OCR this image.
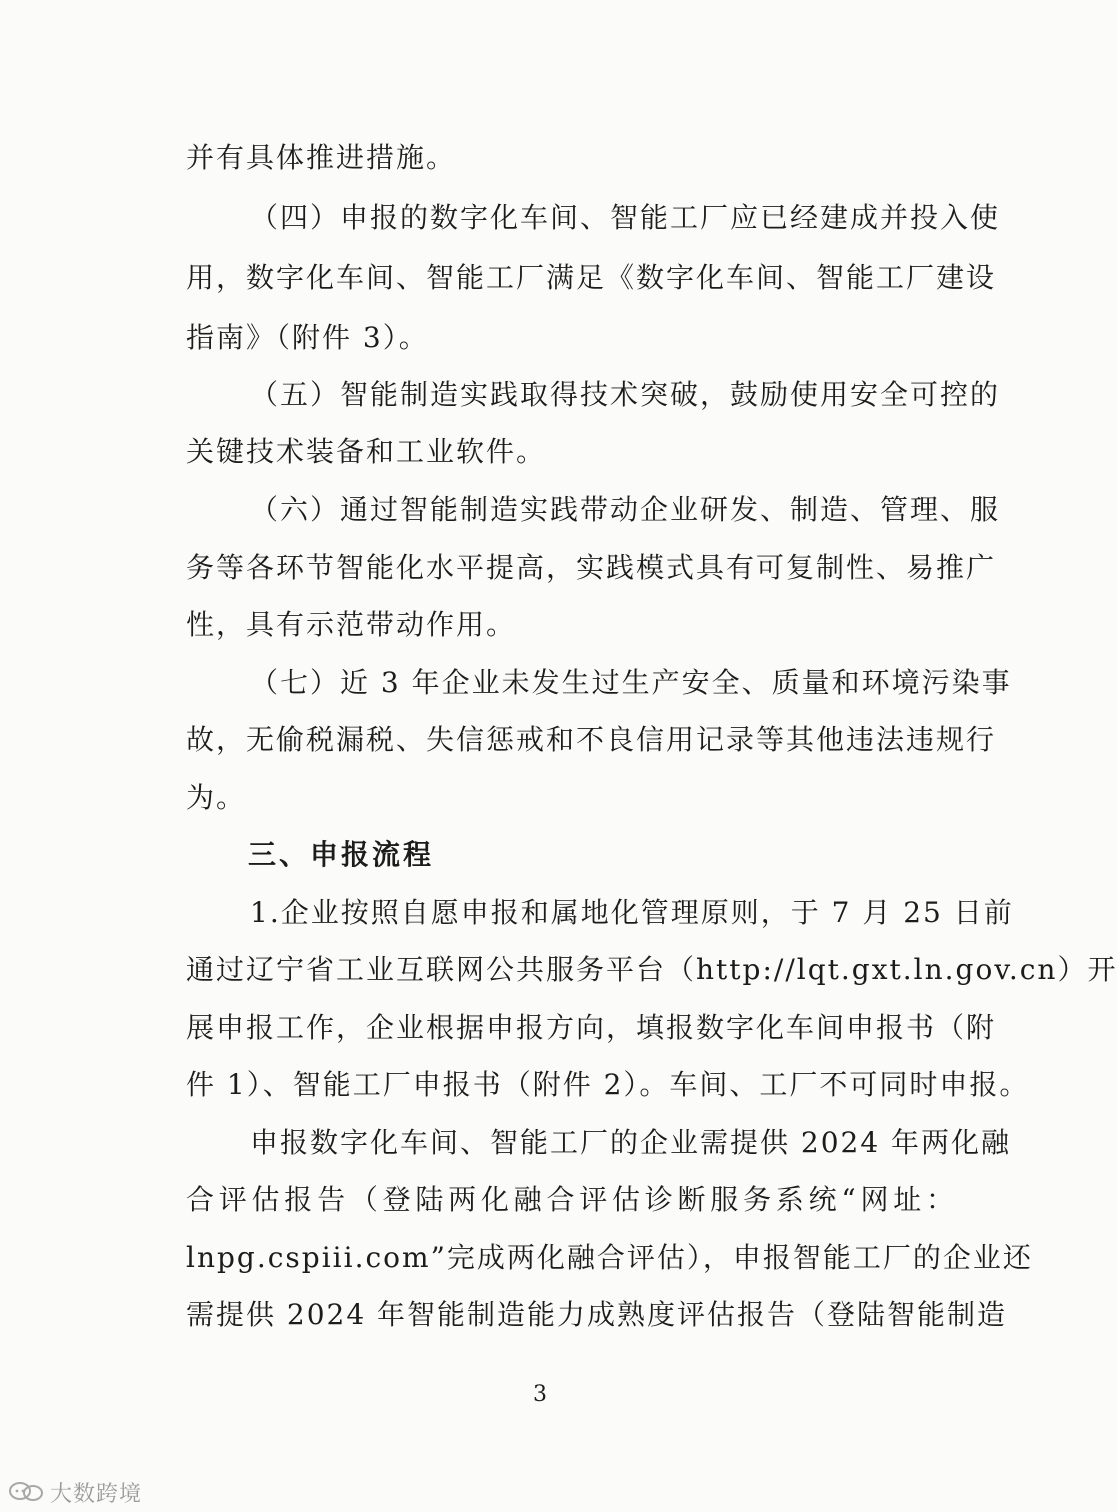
并有具体推进措施。
（四）申报的数字化车间、智能工厂应已经建成并投入使
用，数字化车间、智能工厂满足《数字化车间、智能工厂建设
指南》（附件 3）。
（五）智能制造实践取得技术突破，鼓励使用安全可控的
关键技术装备和工业软件。
（六）通过智能制造实践带动企业研发、制造、管理、服
务等各环节智能化水平提高，实践模式具有可复制性、易推广
性，具有示范带动作用。
（七）近 3 年企业未发生过生产安全、质量和环境污染事
故，无偷税漏税、失信惩戒和不良信用记录等其他违法违规行
为。
三、申报流程
1.企业按照自愿申报和属地化管理原则，于 7 月 25 日前
通过辽宁省工业互联网公共服务平台（http://lqt.gxt.ln.gov.cn）开
展申报工作，企业根据申报方向，填报数字化车间申报书（附
件 1）、智能工厂申报书（附件 2）。车间、工厂不可同时申报。
申报数字化车间、智能工厂的企业需提供 2024 年两化融
合评估报告（登陆两化融合评估诊断服务系统“网址：
lnpg.cspiii.com”完成两化融合评估），申报智能工厂的企业还
需提供 2024 年智能制造能力成熟度评估报告（登陆智能制造
3
大数跨境
